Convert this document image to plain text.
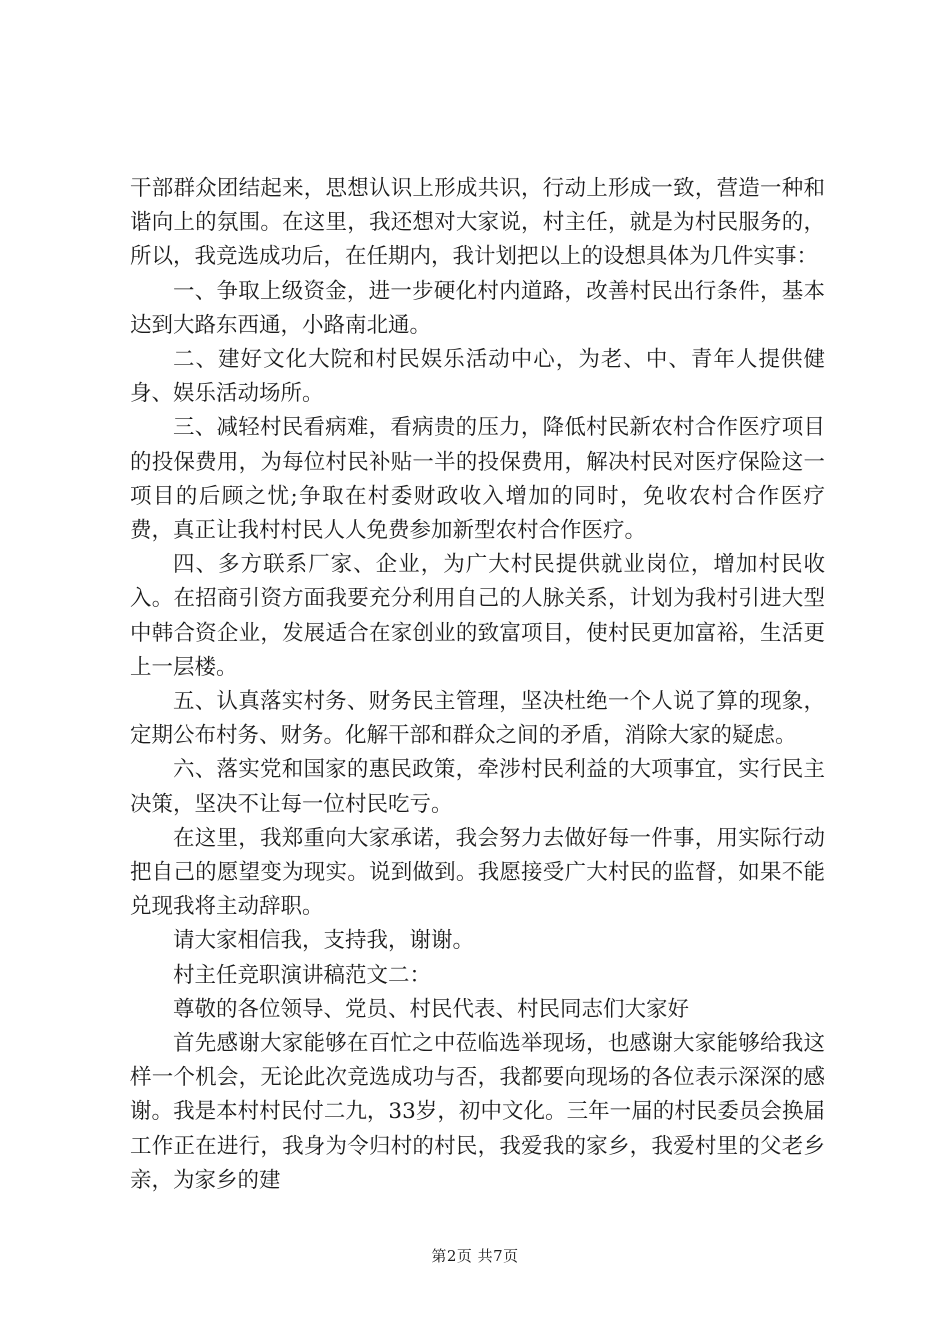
干部群众团结起来，思想认识上形成共识，行动上形成一致，营造一种和谐向上的氛围。在这里，我还想对大家说，村主任，就是为村民服务的，所以，我竞选成功后，在任期内，我计划把以上的设想具体为几件实事：

一、争取上级资金，进一步硬化村内道路，改善村民出行条件，基本达到大路东西通，小路南北通。

二、建好文化大院和村民娱乐活动中心，为老、中、青年人提供健身、娱乐活动场所。

三、减轻村民看病难，看病贵的压力，降低村民新农村合作医疗项目的投保费用，为每位村民补贴一半的投保费用，解决村民对医疗保险这一项目的后顾之忧;争取在村委财政收入增加的同时，免收农村合作医疗费，真正让我村村民人人免费参加新型农村合作医疗。

四、多方联系厂家、企业，为广大村民提供就业岗位，增加村民收入。在招商引资方面我要充分利用自己的人脉关系，计划为我村引进大型中韩合资企业，发展适合在家创业的致富项目，使村民更加富裕，生活更上一层楼。

五、认真落实村务、财务民主管理，坚决杜绝一个人说了算的现象，定期公布村务、财务。化解干部和群众之间的矛盾，消除大家的疑虑。

六、落实党和国家的惠民政策，牵涉村民利益的大项事宜，实行民主决策，坚决不让每一位村民吃亏。

在这里，我郑重向大家承诺，我会努力去做好每一件事，用实际行动把自己的愿望变为现实。说到做到。我愿接受广大村民的监督，如果不能兑现我将主动辞职。

请大家相信我，支持我，谢谢。

村主任竞职演讲稿范文二：

尊敬的各位领导、党员、村民代表、村民同志们大家好

首先感谢大家能够在百忙之中莅临选举现场，也感谢大家能够给我这样一个机会，无论此次竞选成功与否，我都要向现场的各位表示深深的感谢。我是本村村民付二九，33岁，初中文化。三年一届的村民委员会换届工作正在进行，我身为令归村的村民，我爱我的家乡，我爱村里的父老乡亲，为家乡的建

第2页 共7页
